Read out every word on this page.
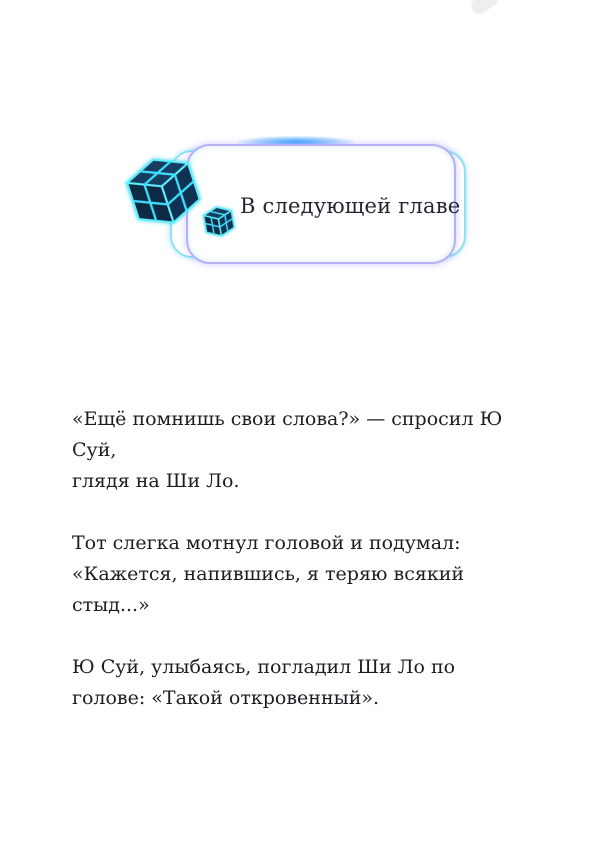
В следующей главе

«Ещё помнишь свои слова?» — спросил Ю Суй,
глядя на Ши Ло.

Тот слегка мотнул головой и подумал:
«Кажется, напившись, я теряю всякий
стыд...»

Ю Суй, улыбаясь, погладил Ши Ло по
голове: «Такой откровенный».
